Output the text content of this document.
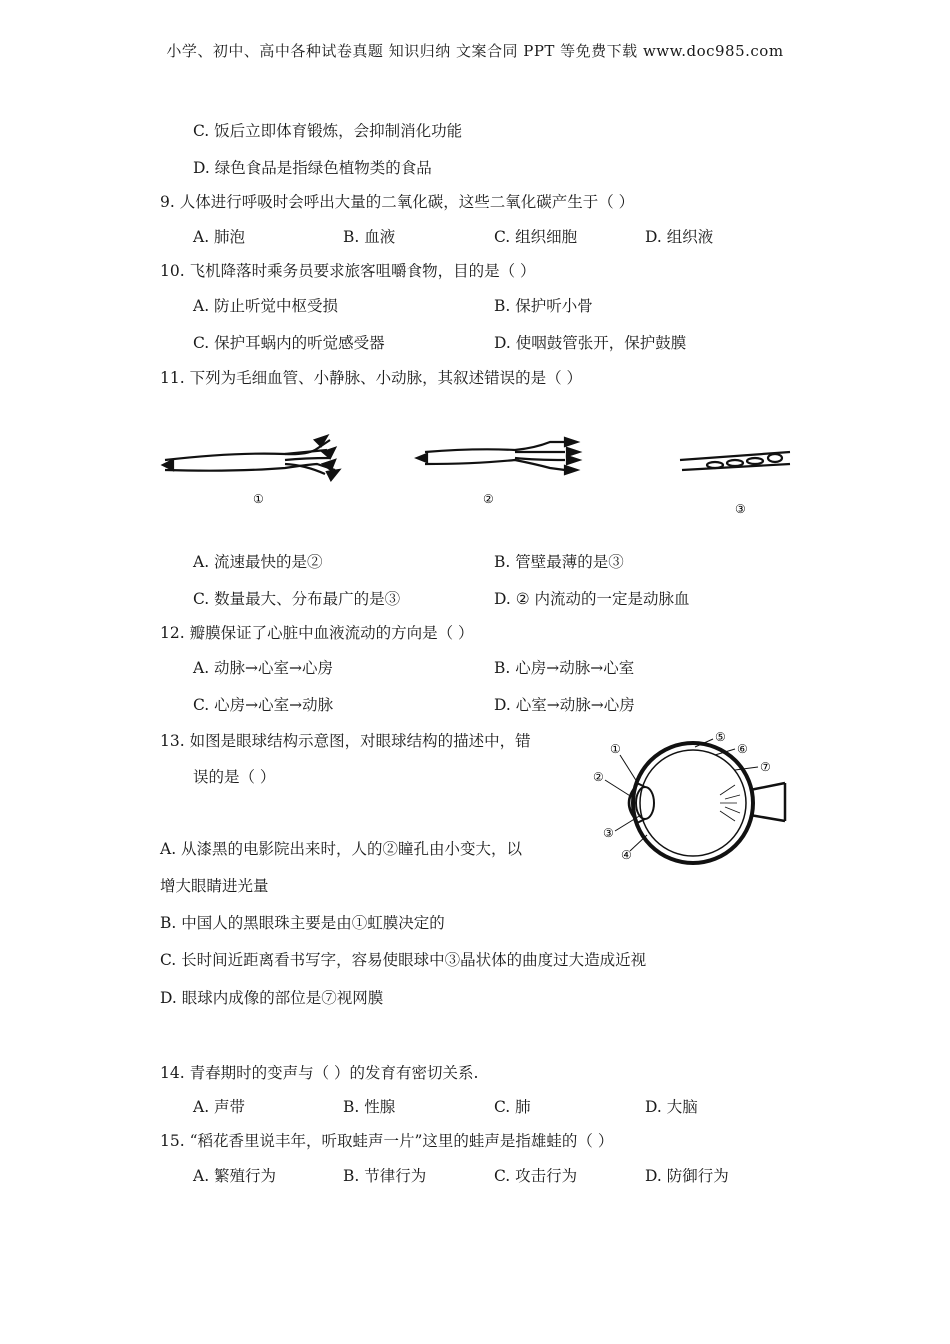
小学、初中、高中各种试卷真题 知识归纳 文案合同 PPT 等免费下载 www.doc985.com
C. 饭后立即体育锻炼，会抑制消化功能
D. 绿色食品是指绿色植物类的食品
9. 人体进行呼吸时会呼出大量的二氧化碳，这些二氧化碳产生于（ ）
A. 肺泡	B. 血液	C. 组织细胞	D. 组织液
10. 飞机降落时乘务员要求旅客咀嚼食物，目的是（ ）
A. 防止听觉中枢受损	B. 保护听小骨
C. 保护耳蜗内的听觉感受器	D. 使咽鼓管张开，保护鼓膜
11. 下列为毛细血管、小静脉、小动脉，其叙述错误的是（ ）
①	②
③
A. 流速最快的是②	B. 管壁最薄的是③
C. 数量最大、分布最广的是③	D. ② 内流动的一定是动脉血
12. 瓣膜保证了心脏中血液流动的方向是（ ）
A. 动脉→心室→心房	B. 心房→动脉→心室
C. 心房→心室→动脉	D. 心室→动脉→心房
13. 如图是眼球结构示意图，对眼球结构的描述中，错
误的是（ ）
①
②
③
④
⑤
⑥
⑦
A. 从漆黑的电影院出来时，人的②瞳孔由小变大，以
增大眼睛进光量
B. 中国人的黑眼珠主要是由①虹膜决定的
C. 长时间近距离看书写字，容易使眼球中③晶状体的曲度过大造成近视
D. 眼球内成像的部位是⑦视网膜
14. 青春期时的变声与（ ）的发育有密切关系.
A. 声带	B. 性腺	C. 肺	D. 大脑
15. “稻花香里说丰年，听取蛙声一片”这里的蛙声是指雄蛙的（ ）
A. 繁殖行为	B. 节律行为	C. 攻击行为	D. 防御行为
